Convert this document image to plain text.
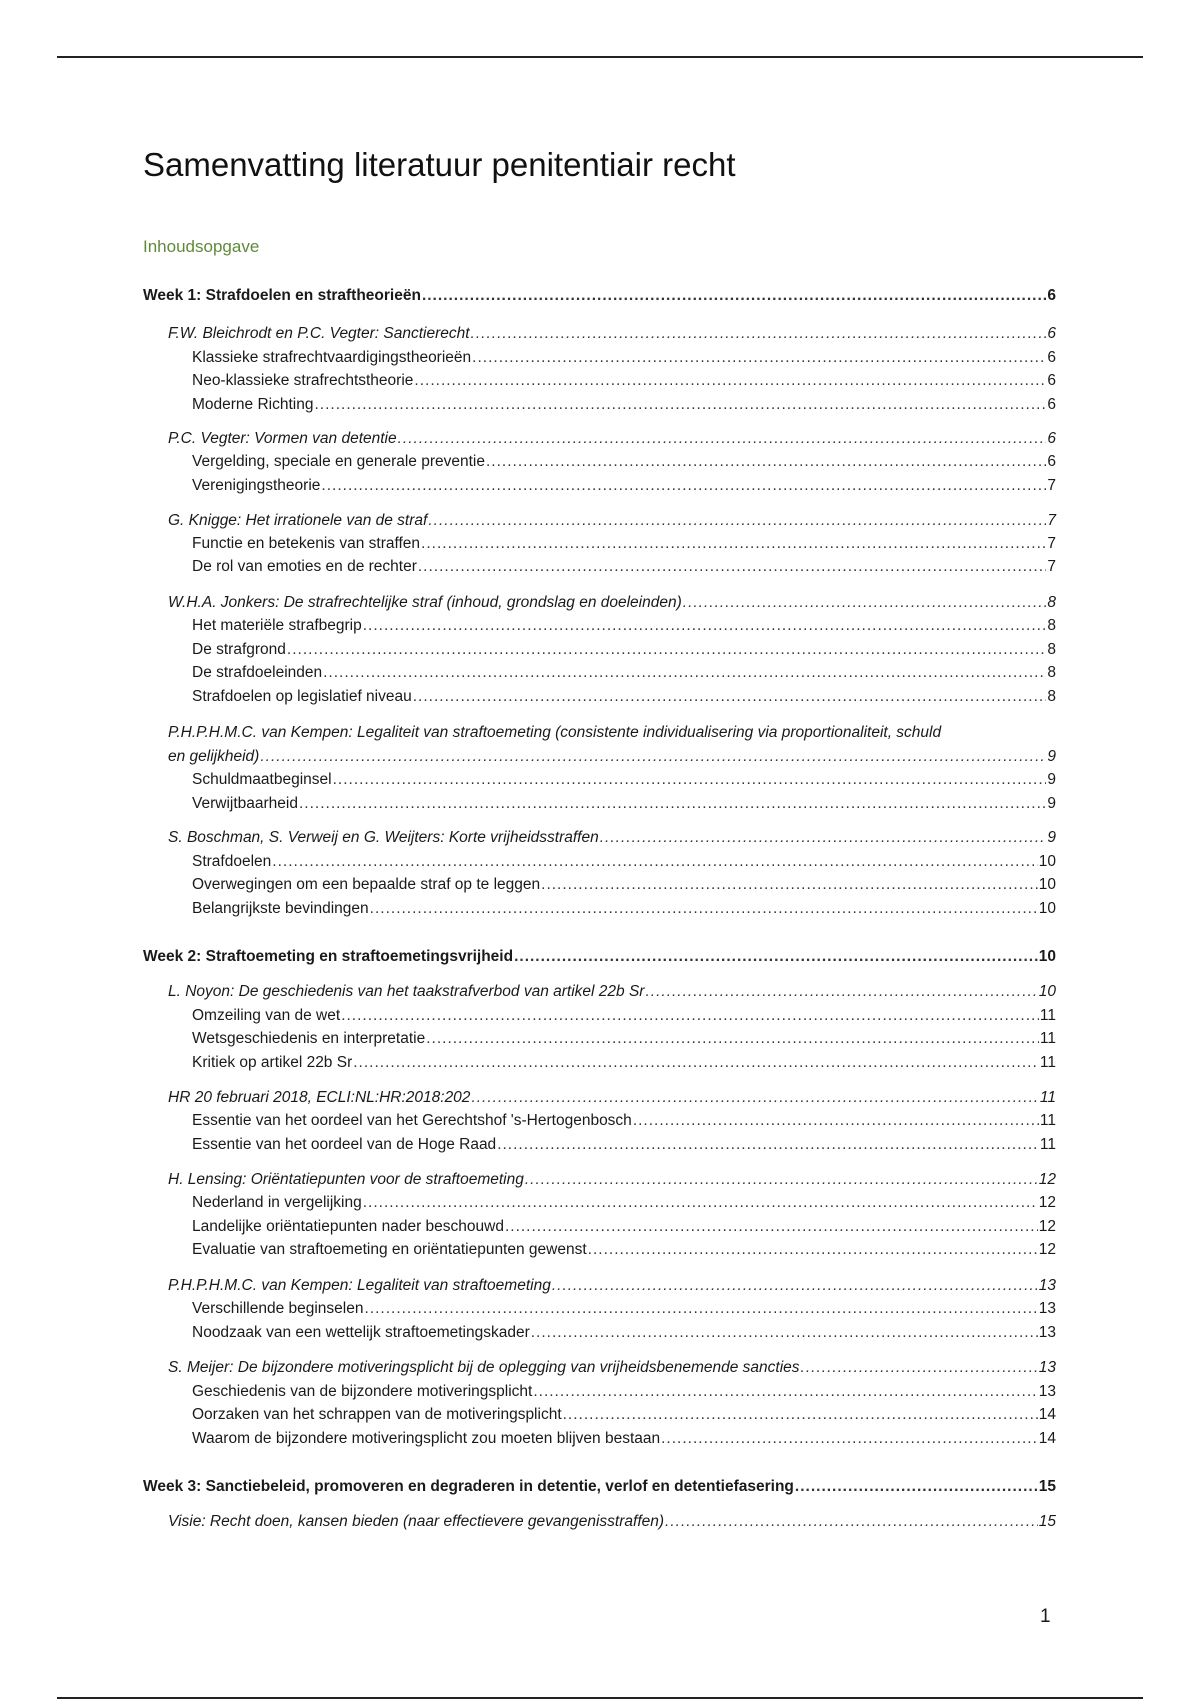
Samenvatting literatuur penitentiair recht
Inhoudsopgave
Week 1: Strafdoelen en straftheorieën .....	6
F.W. Bleichrodt en P.C. Vegter: Sanctierecht .....	6
Klassieke strafrechtvaardigingstheorieën .....	6
Neo-klassieke strafrechtstheorie .....	6
Moderne Richting .....	6
P.C. Vegter: Vormen van detentie .....	6
Vergelding, speciale en generale preventie .....	6
Verenigingstheorie .....	7
G. Knigge: Het irrationele van de straf .....	7
Functie en betekenis van straffen .....	7
De rol van emoties en de rechter .....	7
W.H.A. Jonkers: De strafrechtelijke straf (inhoud, grondslag en doeleinden) .....	8
Het materiële strafbegrip .....	8
De strafgrond .....	8
De strafdoeleinden .....	8
Strafdoelen op legislatief niveau .....	8
P.H.P.H.M.C. van Kempen: Legaliteit van straftoemeting (consistente individualisering via proportionaliteit, schuld
en gelijkheid) .....	9
Schuldmaatbeginsel .....	9
Verwijtbaarheid .....	9
S. Boschman, S. Verweij en G. Weijters: Korte vrijheidsstraffen .....	9
Strafdoelen .....	10
Overwegingen om een bepaalde straf op te leggen .....	10
Belangrijkste bevindingen .....	10
Week 2: Straftoemeting en straftoemetingsvrijheid .....	10
L. Noyon: De geschiedenis van het taakstrafverbod van artikel 22b Sr .....	10
Omzeiling van de wet .....	11
Wetsgeschiedenis en interpretatie .....	11
Kritiek op artikel 22b Sr .....	11
HR 20 februari 2018, ECLI:NL:HR:2018:202 .....	11
Essentie van het oordeel van het Gerechtshof 's-Hertogenbosch .....	11
Essentie van het oordeel van de Hoge Raad .....	11
H. Lensing: Oriëntatiepunten voor de straftoemeting .....	12
Nederland in vergelijking .....	12
Landelijke oriëntatiepunten nader beschouwd .....	12
Evaluatie van straftoemeting en oriëntatiepunten gewenst .....	12
P.H.P.H.M.C. van Kempen: Legaliteit van straftoemeting .....	13
Verschillende beginselen .....	13
Noodzaak van een wettelijk straftoemetingskader .....	13
S. Meijer: De bijzondere motiveringsplicht bij de oplegging van vrijheidsbenemende sancties .....	13
Geschiedenis van de bijzondere motiveringsplicht .....	13
Oorzaken van het schrappen van de motiveringsplicht .....	14
Waarom de bijzondere motiveringsplicht zou moeten blijven bestaan .....	14
Week 3: Sanctiebeleid, promoveren en degraderen in detentie, verlof en detentiefasering .....	15
Visie: Recht doen, kansen bieden (naar effectievere gevangenisstraffen) .....	15
1
